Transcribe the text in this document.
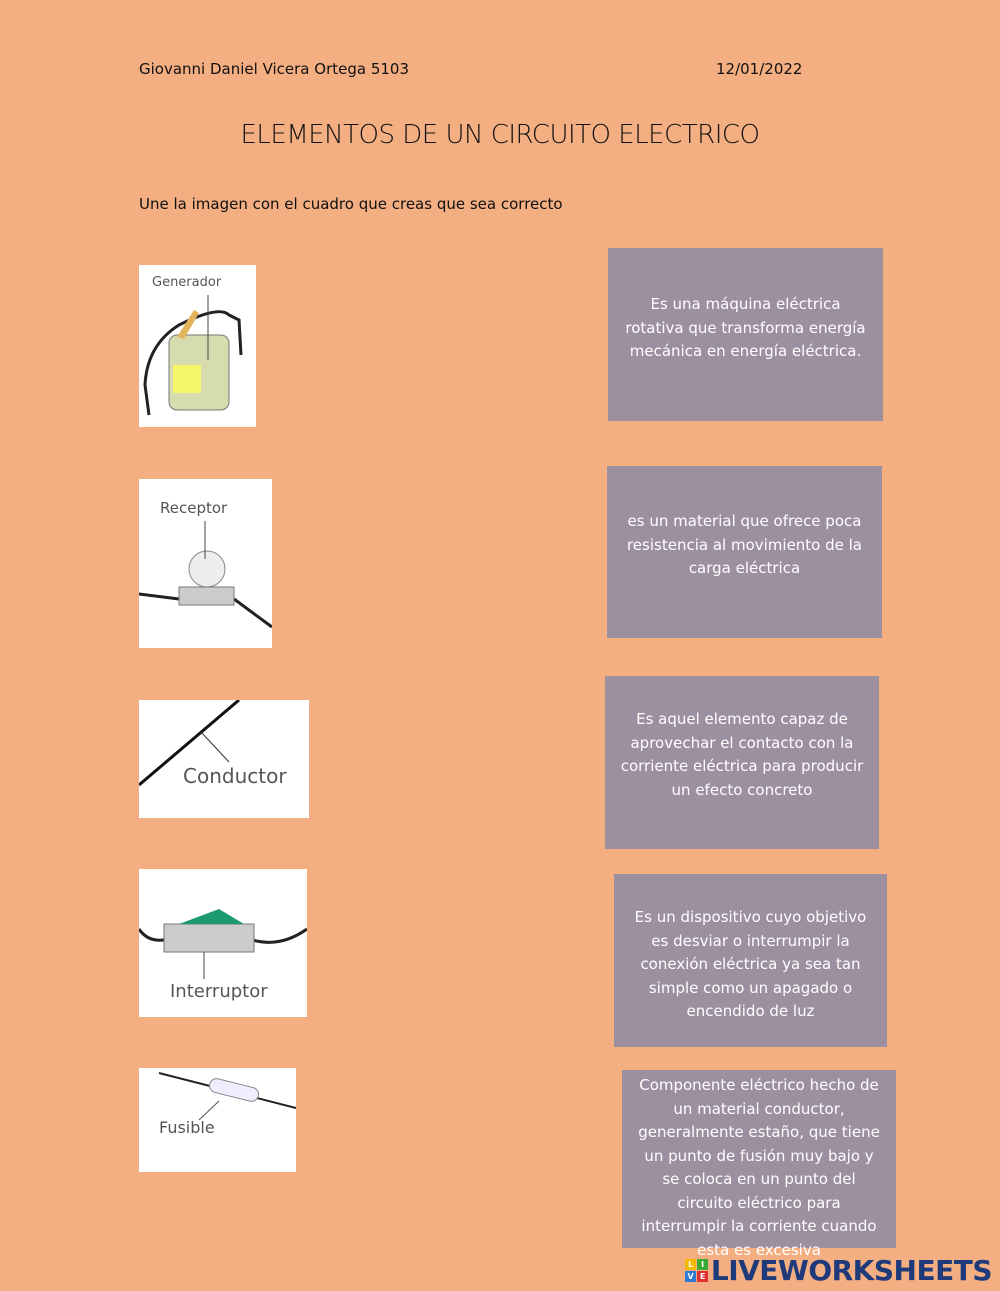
Giovanni Daniel Vicera Ortega 5103	12/01/2022
ELEMENTOS DE UN CIRCUITO ELECTRICO
Une la imagen con el cuadro que creas que sea correcto
Generador
Receptor
Conductor
Interruptor
Fusible
Es una máquina eléctrica rotativa que transforma energía mecánica en energía eléctrica.
es un material que ofrece poca resistencia al movimiento de la carga eléctrica
Es aquel elemento capaz de aprovechar el contacto con la corriente eléctrica para producir un efecto concreto
Es un dispositivo cuyo objetivo es desviar o interrumpir la conexión eléctrica ya sea tan simple como un apagado o encendido de luz
Componente eléctrico hecho de un material conductor, generalmente estaño, que tiene un punto de fusión muy bajo y se coloca en un punto del circuito eléctrico para interrumpir la corriente cuando esta es excesiva
L	I
V E LIVEWORKSHEETS
